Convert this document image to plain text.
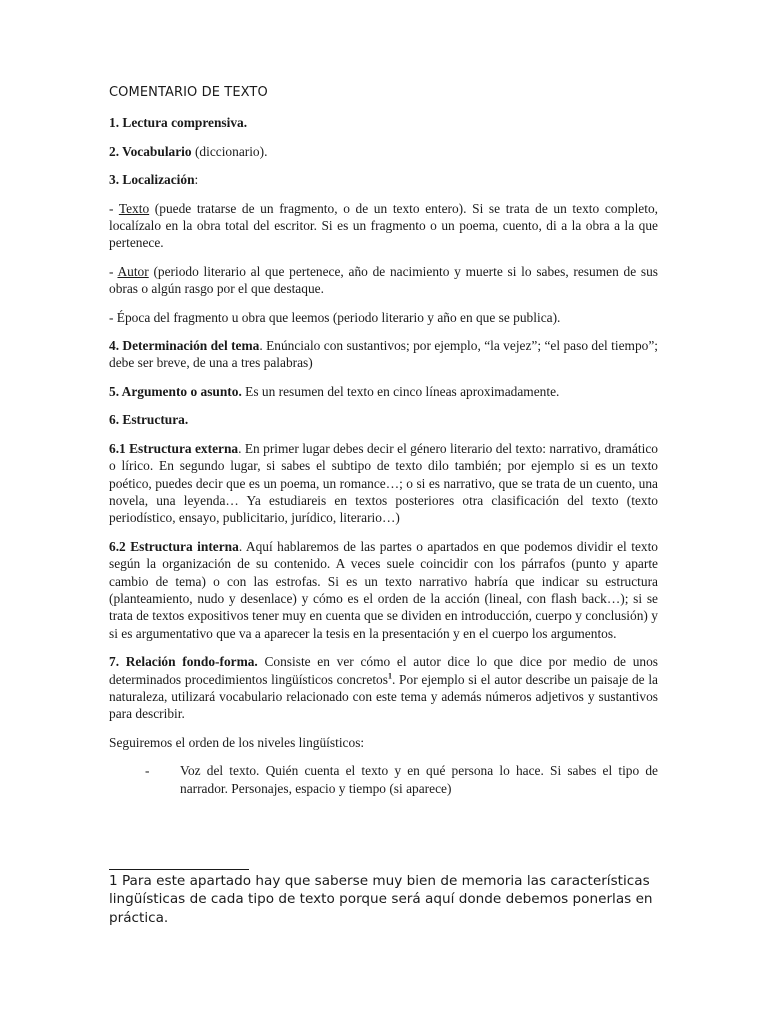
COMENTARIO DE TEXTO

1. Lectura comprensiva.

2. Vocabulario (diccionario).

3. Localización:

- Texto (puede tratarse de un fragmento, o de un texto entero). Si se trata de un texto completo, localízalo en la obra total del escritor. Si es un fragmento o un poema, cuento, di a la obra a la que pertenece.

- Autor (periodo literario al que pertenece, año de nacimiento y muerte si lo sabes, resumen de sus obras o algún rasgo por el que destaque.

- Época del fragmento u obra que leemos (periodo literario y año en que se publica).

4. Determinación del tema. Enúncialo con sustantivos; por ejemplo, “la vejez”; “el paso del tiempo”; debe ser breve, de una a tres palabras)

5. Argumento o asunto. Es un resumen del texto en cinco líneas aproximadamente.

6. Estructura.

6.1 Estructura externa. En primer lugar debes decir el género literario del texto: narrativo, dramático o lírico. En segundo lugar, si sabes el subtipo de texto dilo también; por ejemplo si es un texto poético, puedes decir que es un poema, un romance…; o si es narrativo, que se trata de un cuento, una novela, una leyenda… Ya estudiareis en textos posteriores otra clasificación del texto (texto periodístico, ensayo, publicitario, jurídico, literario…)

6.2 Estructura interna. Aquí hablaremos de las partes o apartados en que podemos dividir el texto según la organización de su contenido. A veces suele coincidir con los párrafos (punto y aparte cambio de tema) o con las estrofas. Si es un texto narrativo habría que indicar su estructura (planteamiento, nudo y desenlace) y cómo es el orden de la acción (lineal, con flash back…); si se trata de textos expositivos tener muy en cuenta que se dividen en introducción, cuerpo y conclusión) y si es argumentativo que va a aparecer la tesis en la presentación y en el cuerpo los argumentos.

7. Relación fondo-forma. Consiste en ver cómo el autor dice lo que dice por medio de unos determinados procedimientos lingüísticos concretos$^1$. Por ejemplo si el autor describe un paisaje de la naturaleza, utilizará vocabulario relacionado con este tema y además números adjetivos y sustantivos para describir.

Seguiremos el orden de los niveles lingüísticos:

- Voz del texto. Quién cuenta el texto y en qué persona lo hace. Si sabes el tipo de narrador. Personajes, espacio y tiempo (si aparece)

1 Para este apartado hay que saberse muy bien de memoria las características lingüísticas de cada tipo de texto porque será aquí donde debemos ponerlas en práctica.
